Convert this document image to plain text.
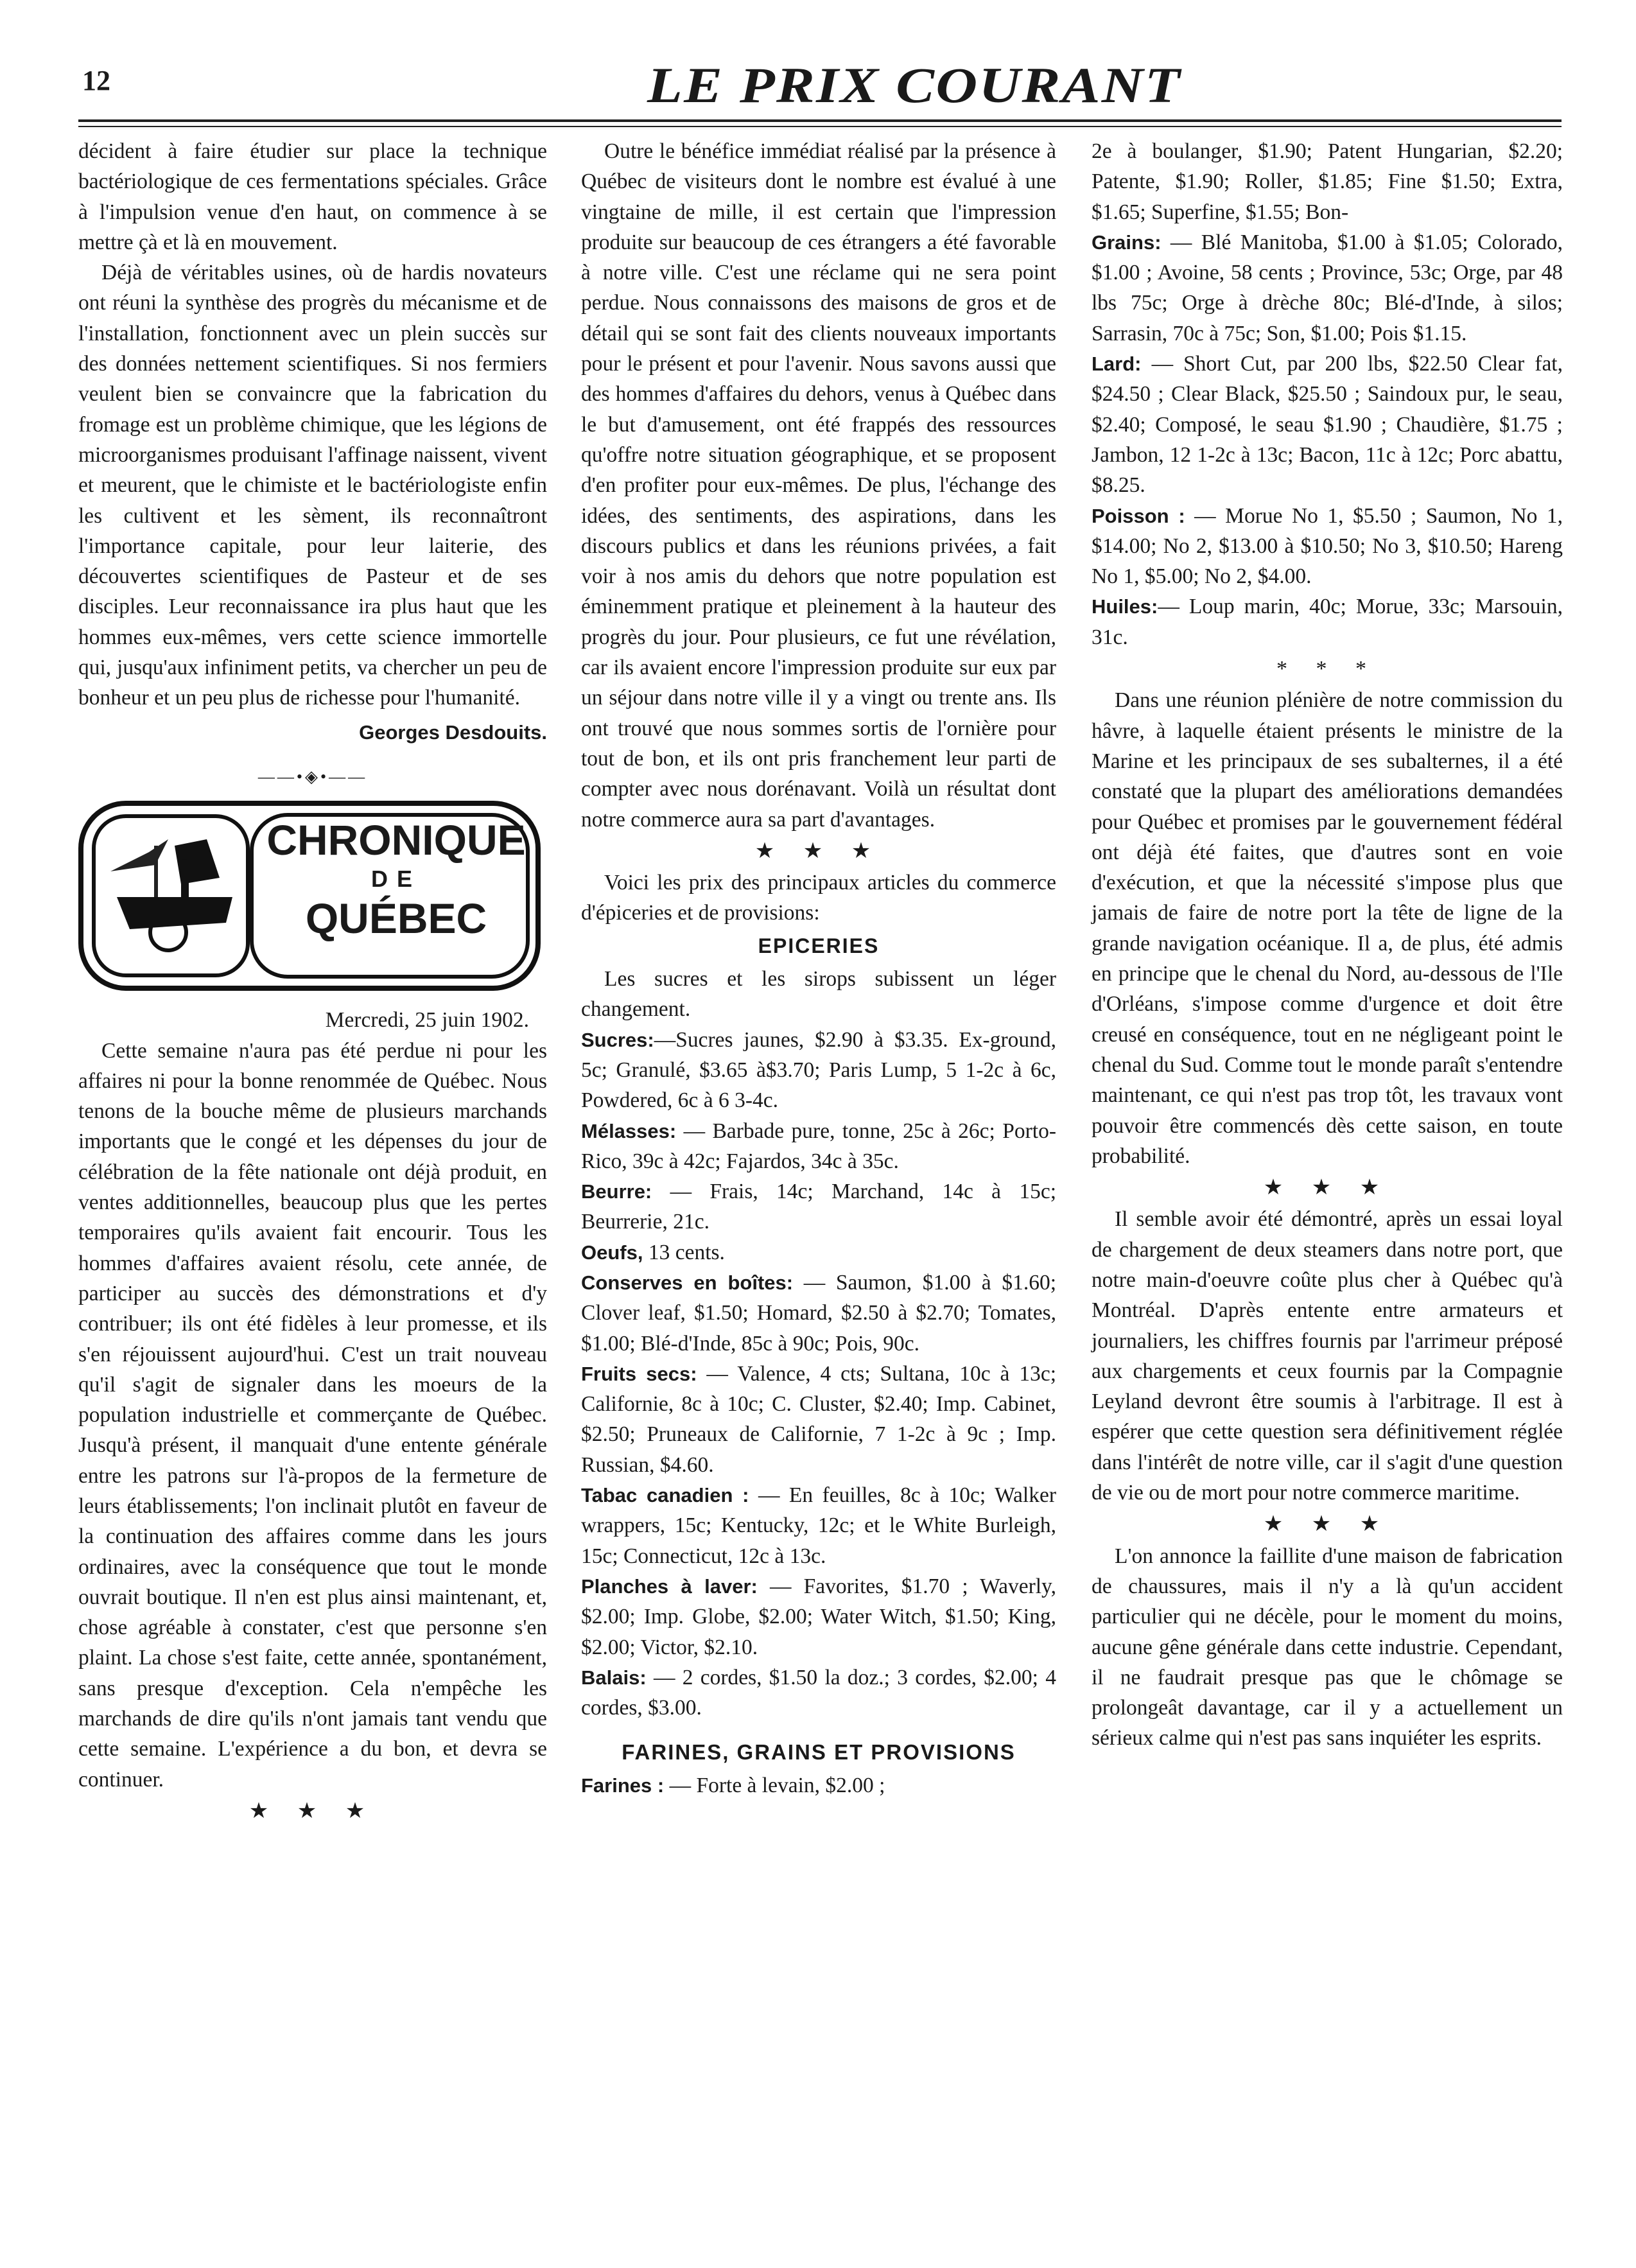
12	LE PRIX COURANT

décident à faire étudier sur place la technique bactériologique de ces fermentations spéciales. Grâce à l'impulsion venue d'en haut, on commence à se mettre çà et là en mouvement.

Déjà de véritables usines, où de hardis novateurs ont réuni la synthèse des progrès du mécanisme et de l'installation, fonctionnent avec un plein succès sur des données nettement scientifiques. Si nos fermiers veulent bien se convaincre que la fabrication du fromage est un problème chimique, que les légions de microorganismes produisant l'affinage naissent, vivent et meurent, que le chimiste et le bactériologiste enfin les cultivent et les sèment, ils reconnaîtront l'importance capitale, pour leur laiterie, des découvertes scientifiques de Pasteur et de ses disciples. Leur reconnaissance ira plus haut que les hommes eux-mêmes, vers cette science immortelle qui, jusqu'aux infiniment petits, va chercher un peu de bonheur et un peu plus de richesse pour l'humanité.

Georges Desdouits.
——•◈•——
CHRONIQUE
DE
QUÉBEC
Mercredi, 25 juin 1902.

Cette semaine n'aura pas été perdue ni pour les affaires ni pour la bonne renommée de Québec. Nous tenons de la bouche même de plusieurs marchands importants que le congé et les dépenses du jour de célébration de la fête nationale ont déjà produit, en ventes additionnelles, beaucoup plus que les pertes temporaires qu'ils avaient fait encourir. Tous les hommes d'affaires avaient résolu, cete année, de participer au succès des démonstrations et d'y contribuer; ils ont été fidèles à leur promesse, et ils s'en réjouissent aujourd'hui. C'est un trait nouveau qu'il s'agit de signaler dans les moeurs de la population industrielle et commerçante de Québec. Jusqu'à présent, il manquait d'une entente générale entre les patrons sur l'à-propos de la fermeture de leurs établissements; l'on inclinait plutôt en faveur de la continuation des affaires comme dans les jours ordinaires, avec la conséquence que tout le monde ouvrait boutique. Il n'en est plus ainsi maintenant, et, chose agréable à constater, c'est que personne s'en plaint. La chose s'est faite, cette année, spontanément, sans presque d'exception. Cela n'empêche les marchands de dire qu'ils n'ont jamais tant vendu que cette semaine. L'expérience a du bon, et devra se continuer.

★ ★ ★

Outre le bénéfice immédiat réalisé par la présence à Québec de visiteurs dont le nombre est évalué à une vingtaine de mille, il est certain que l'impression produite sur beaucoup de ces étrangers a été favorable à notre ville. C'est une réclame qui ne sera point perdue. Nous connaissons des maisons de gros et de détail qui se sont fait des clients nouveaux importants pour le présent et pour l'avenir. Nous savons aussi que des hommes d'affaires du dehors, venus à Québec dans le but d'amusement, ont été frappés des ressources qu'offre notre situation géographique, et se proposent d'en profiter pour eux-mêmes. De plus, l'échange des idées, des sentiments, des aspirations, dans les discours publics et dans les réunions privées, a fait voir à nos amis du dehors que notre population est éminemment pratique et pleinement à la hauteur des progrès du jour. Pour plusieurs, ce fut une révélation, car ils avaient encore l'impression produite sur eux par un séjour dans notre ville il y a vingt ou trente ans. Ils ont trouvé que nous sommes sortis de l'ornière pour tout de bon, et ils ont pris franchement leur parti de compter avec nous dorénavant. Voilà un résultat dont notre commerce aura sa part d'avantages.

★ ★ ★

Voici les prix des principaux articles du commerce d'épiceries et de provisions:

EPICERIES

Les sucres et les sirops subissent un léger changement.

Sucres:—Sucres jaunes, $2.90 à $3.35. Ex-ground, 5c; Granulé, $3.65 à$3.70; Paris Lump, 5 1-2c à 6c, Powdered, 6c à 6 3-4c.

Mélasses: — Barbade pure, tonne, 25c à 26c; Porto-Rico, 39c à 42c; Fajardos, 34c à 35c.

Beurre: — Frais, 14c; Marchand, 14c à 15c; Beurrerie, 21c.

Oeufs, 13 cents.

Conserves en boîtes: — Saumon, $1.00 à $1.60; Clover leaf, $1.50; Homard, $2.50 à $2.70; Tomates, $1.00; Blé-d'Inde, 85c à 90c; Pois, 90c.

Fruits secs: — Valence, 4 cts; Sultana, 10c à 13c; Californie, 8c à 10c; C. Cluster, $2.40; Imp. Cabinet, $2.50; Pruneaux de Californie, 7 1-2c à 9c ; Imp. Russian, $4.60.

Tabac canadien : — En feuilles, 8c à 10c; Walker wrappers, 15c; Kentucky, 12c; et le White Burleigh, 15c; Connecticut, 12c à 13c.

Planches à laver: — Favorites, $1.70 ; Waverly, $2.00; Imp. Globe, $2.00; Water Witch, $1.50; King, $2.00; Victor, $2.10.

Balais: — 2 cordes, $1.50 la doz.; 3 cordes, $2.00; 4 cordes, $3.00.

FARINES, GRAINS ET PROVISIONS

Farines : — Forte à levain, $2.00 ;

2e à boulanger, $1.90; Patent Hungarian, $2.20; Patente, $1.90; Roller, $1.85; Fine $1.50; Extra, $1.65; Superfine, $1.55; Bon-

Grains: — Blé Manitoba, $1.00 à $1.05; Colorado, $1.00 ; Avoine, 58 cents ; Province, 53c; Orge, par 48 lbs 75c; Orge à drèche 80c; Blé-d'Inde, à silos; Sarrasin, 70c à 75c; Son, $1.00; Pois $1.15.

Lard: — Short Cut, par 200 lbs, $22.50 Clear fat, $24.50 ; Clear Black, $25.50 ; Saindoux pur, le seau, $2.40; Composé, le seau $1.90 ; Chaudière, $1.75 ; Jambon, 12 1-2c à 13c; Bacon, 11c à 12c; Porc abattu, $8.25.

Poisson : — Morue No 1, $5.50 ; Saumon, No 1, $14.00; No 2, $13.00 à $10.50; No 3, $10.50; Hareng No 1, $5.00; No 2, $4.00.

Huiles:— Loup marin, 40c; Morue, 33c; Marsouin, 31c.

* * *

Dans une réunion plénière de notre commission du hâvre, à laquelle étaient présents le ministre de la Marine et les principaux de ses subalternes, il a été constaté que la plupart des améliorations demandées pour Québec et promises par le gouvernement fédéral ont déjà été faites, que d'autres sont en voie d'exécution, et que la nécessité s'impose plus que jamais de faire de notre port la tête de ligne de la grande navigation océanique. Il a, de plus, été admis en principe que le chenal du Nord, au-dessous de l'Ile d'Orléans, s'impose comme d'urgence et doit être creusé en conséquence, tout en ne négligeant point le chenal du Sud. Comme tout le monde paraît s'entendre maintenant, ce qui n'est pas trop tôt, les travaux vont pouvoir être commencés dès cette saison, en toute probabilité.

★ ★ ★

Il semble avoir été démontré, après un essai loyal de chargement de deux steamers dans notre port, que notre main-d'oeuvre coûte plus cher à Québec qu'à Montréal. D'après entente entre armateurs et journaliers, les chiffres fournis par l'arrimeur préposé aux chargements et ceux fournis par la Compagnie Leyland devront être soumis à l'arbitrage. Il est à espérer que cette question sera définitivement réglée dans l'intérêt de notre ville, car il s'agit d'une question de vie ou de mort pour notre commerce maritime.

★ ★ ★

L'on annonce la faillite d'une maison de fabrication de chaussures, mais il n'y a là qu'un accident particulier qui ne décèle, pour le moment du moins, aucune gêne générale dans cette industrie. Cependant, il ne faudrait presque pas que le chômage se prolongeât davantage, car il y a actuellement un sérieux calme qui n'est pas sans inquiéter les esprits.
